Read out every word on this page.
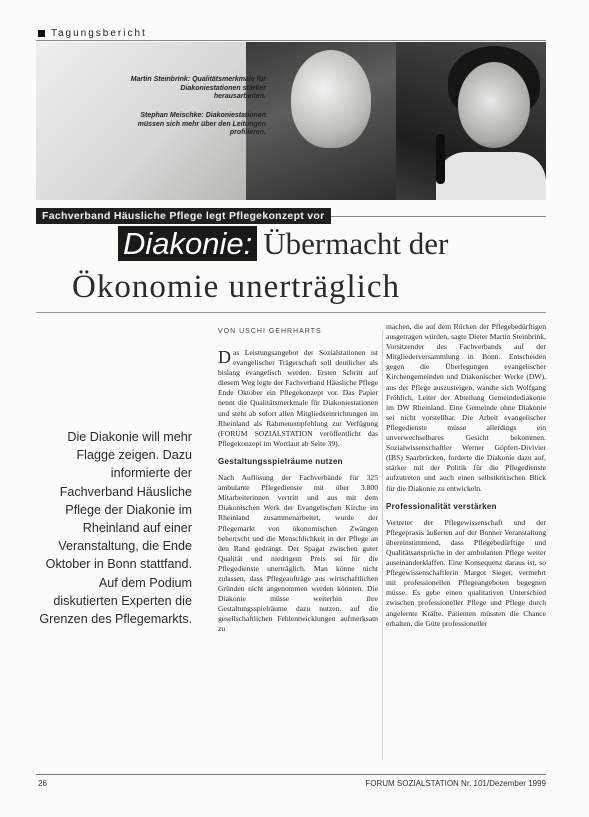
Tagungsbericht
Martin Steinbrink: Qualitätsmerkmale für Diakoniestationen stärker herausarbeiten.
Stephan Meischke: Diakoniestationen müssen sich mehr über den Leitungen profilieren.
Fachverband Häusliche Pflege legt Pflegekonzept vor
Diakonie: Übermacht der
Ökonomie unerträglich
VON USCHI GEHRHARTS
Die Diakonie will mehr Flagge zeigen. Dazu informierte der Fachverband Häusliche Pflege der Diakonie im Rheinland auf einer Veranstaltung, die Ende Oktober in Bonn stattfand. Auf dem Podium diskutierten Experten die Grenzen des Pflegemarkts.

Das Leistungsangebot der Sozialstationen ist evangelischer Trägerschaft soll deutlicher als bislang evangelisch werden. Ersten Schritt auf diesem Weg legte der Fachverband Häusliche Pflege Ende Oktober ein Pflegekonzept vor. Das Papier nennt die Qualitätsmerkmale für Diakoniestationen und steht ab sofort allen Mitgliedseinrichtungen im Rheinland als Rahmenempfehlung zur Verfügung (FORUM SOZIALSTATION veröffentlicht das Pflegekonzept im Wortlaut ab Seite 39).

Gestaltungsspielräume nutzen

Nach Auflösung der Fachverbände für 325 ambulante Pflegedienste mit über 3.800 Mitarbeiterinnen vertritt und aus mit dem Diakonischen Werk der Evangelischen Kirche im Rheinland zusammenarbeitet, wurde der Pflegemarkt von ökonomischen Zwängen beherrscht und die Menschlichkeit in der Pflege an den Rand gedrängt. Der Spagat zwischen guter Qualität und niedrigem Preis sei für die Pflegedienste unerträglich. Man könne nicht zulassen, dass Pflegeaufträge aus wirtschaftlichen Gründen nicht angenommen werden könnten. Die Diakonie müsse weiterhin ihre Gestaltungsspielräume dazu nutzen, auf die gesellschaftlichen Fehlentwicklungen aufmerksam zu

machen, die auf dem Rücken der Pflegebedürftigen ausgetragen würden, sagte Dieter Martin Steinbrink, Vorsitzender des Fachverbands auf der Mitgliederversammlung in Bonn. Entscheiden gegen die Überlegungen evangelischer Kirchengemeinden und Diakonischer Werke (DW), aus der Pflege auszusteigen, wandte sich Wolfgang Fröhlich, Leiter der Abteilung Gemeindediakonie im DW Rheinland. Eine Gemeinde ohne Diakonie sei nicht vorstellbar. Die Arbeit evangelischer Pflegedienste müsse allerdings ein unverwechselbares Gesicht bekommen. Sozialwissenschaftler Werner Göpfert-Divivier (IBS) Saarbrücken, forderte die Diakonie dazu auf, stärker mit der Politik für die Pflegedienste aufzutreten und auch einen selbstkritischen Blick für die Diakonie zu entwickeln.

Professionalität verstärken

Vertreter der Pflegewissenschaft und der Pflegepraxis äußerten auf der Bonner Veranstaltung übereinstimmend, dass Pflegebedürftige und Qualitätsansprüche in der ambulanten Pflege weiter auseinanderklaffen. Eine Konsequenz daraus ist, so Pflegewissenschaftlerin Margot Sieger, vermehrt mit professionellen Pflegeangeboten begegnen müsse. Es gebe einen qualitativen Unterschied zwischen professioneller Pflege und Pflege durch angelernte Kräfte. Patienten müssten die Chance erhalten, die Güte professioneller

26	FORUM SOZIALSTATION Nr. 101/Dezember 1999
